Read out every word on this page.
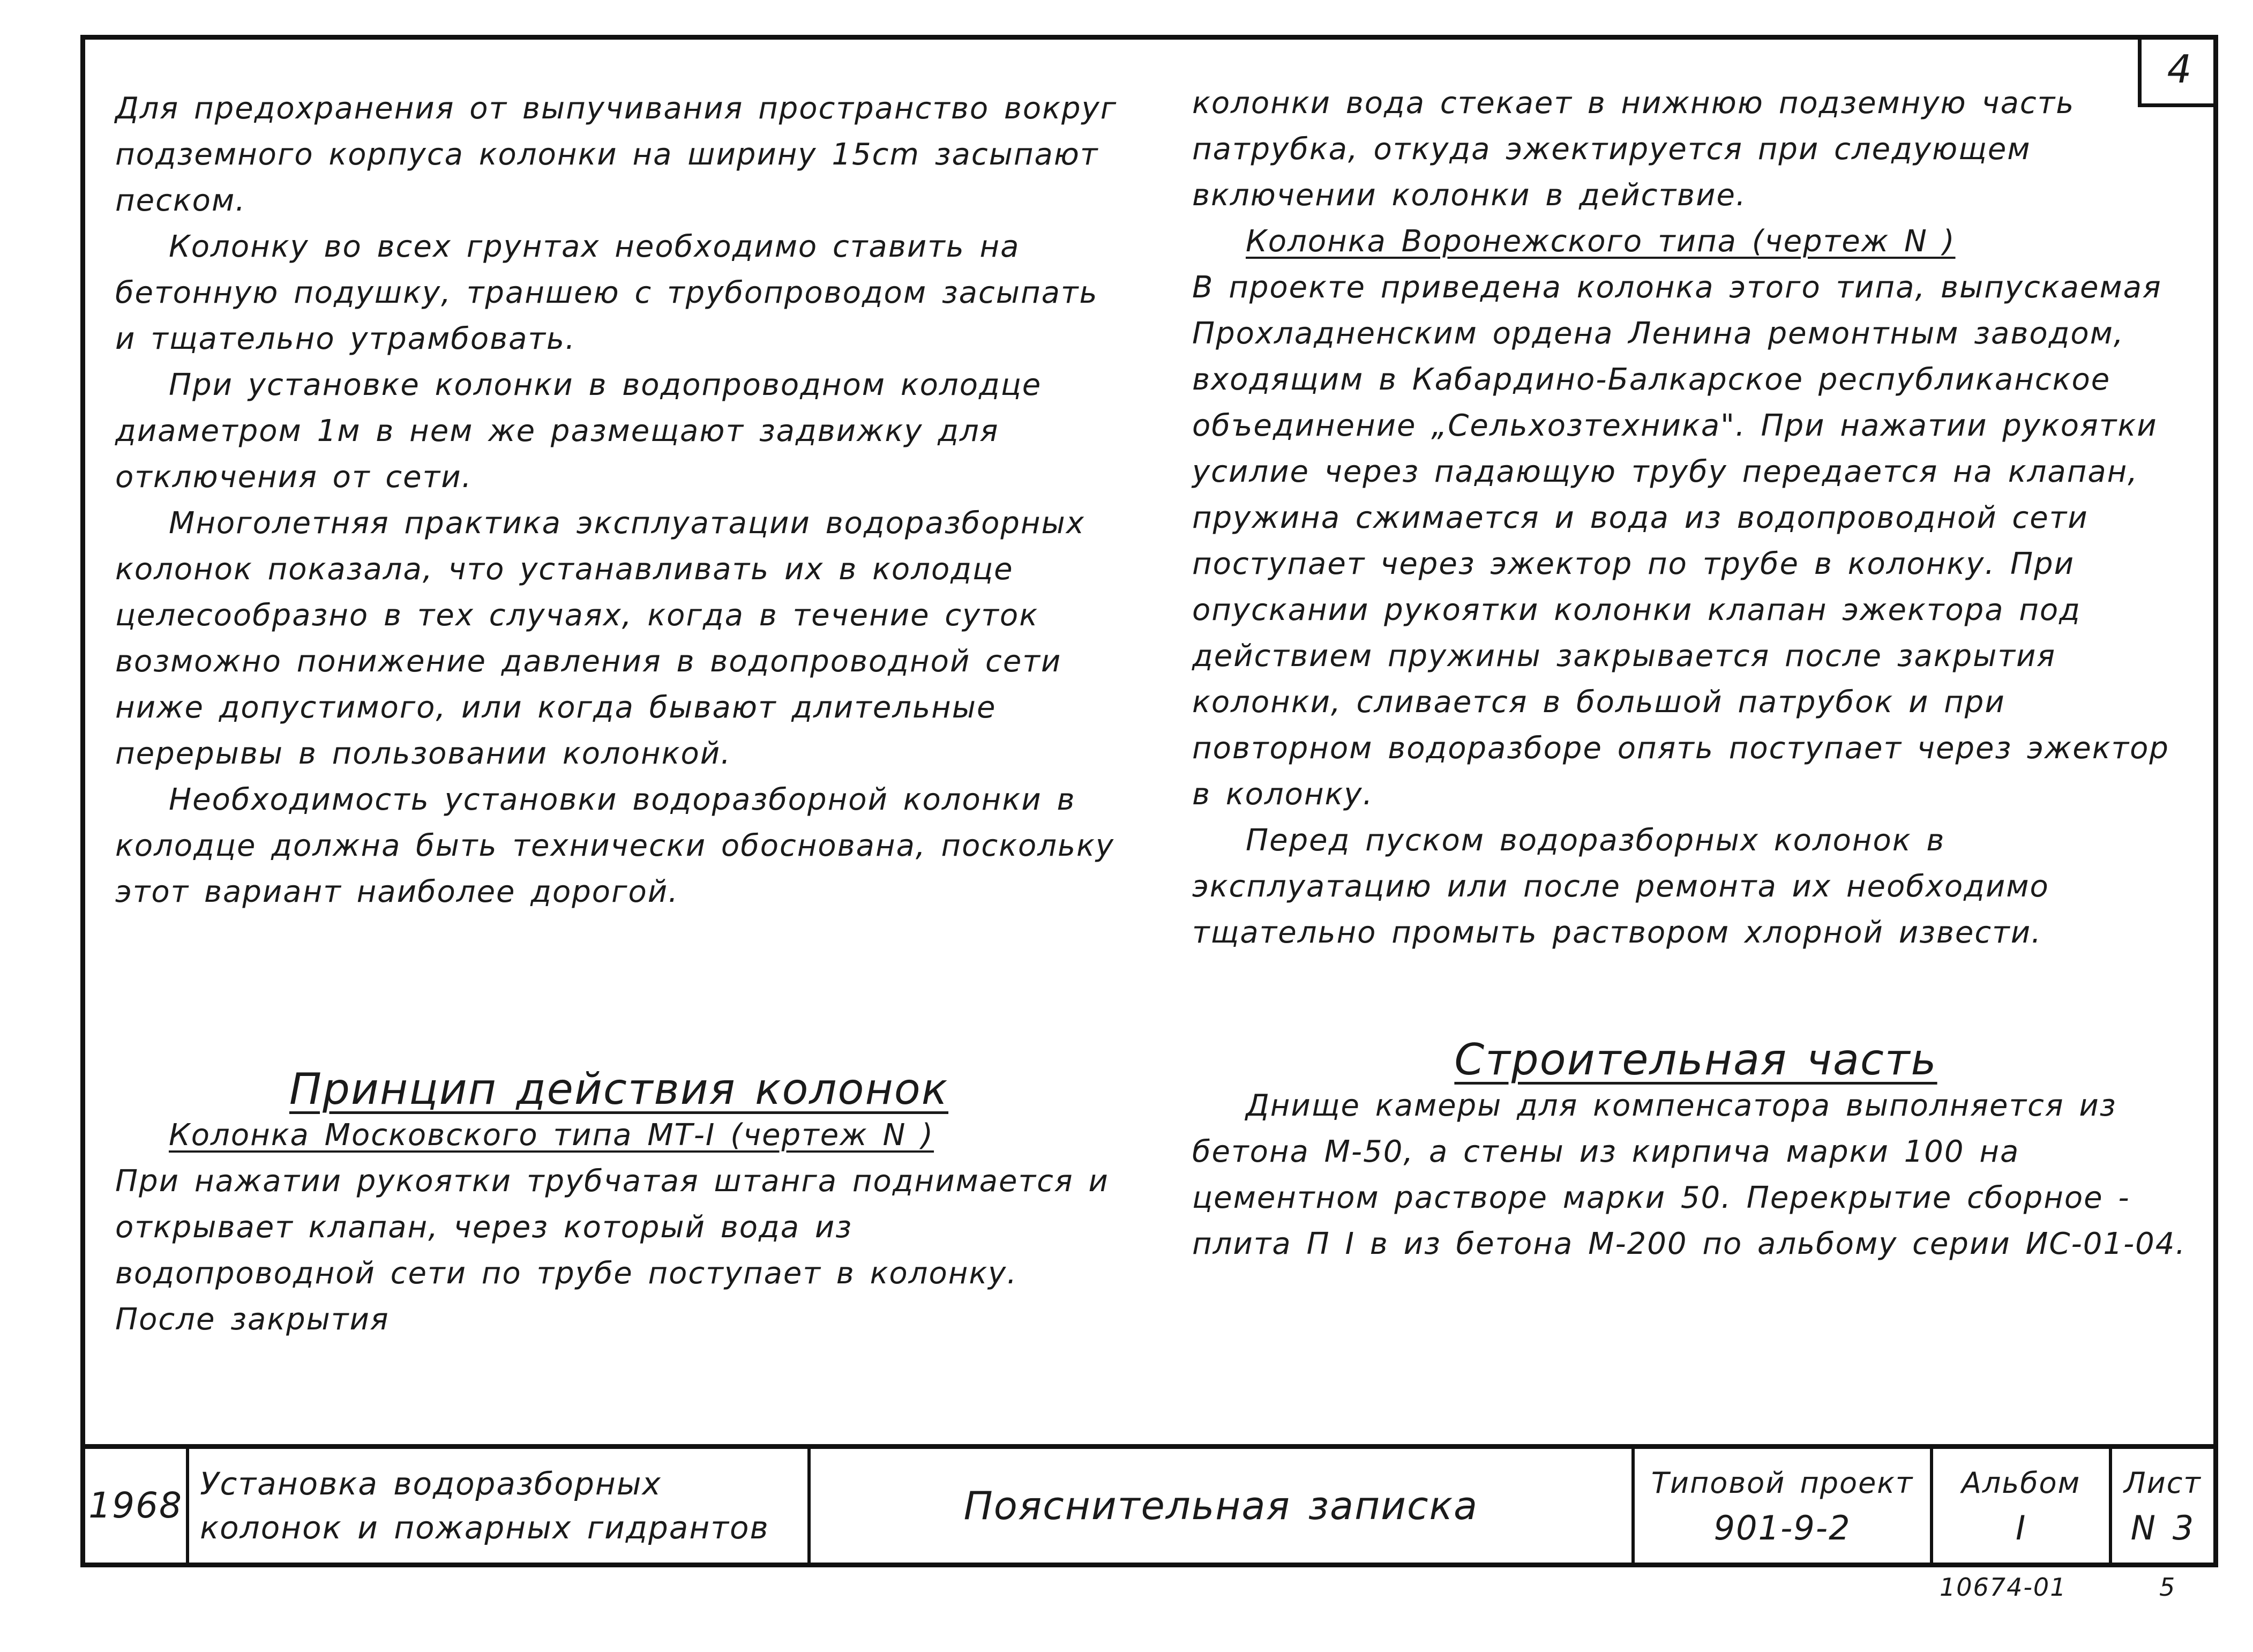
4

Для предохранения от выпучивания пространство вокруг подземного корпуса колонки на ширину 15cm засыпают песком.

Колонку во всех грунтах необходимо ставить на бетонную подушку, траншею с трубопроводом засыпать и тщательно утрамбовать.

При установке колонки в водопроводном колодце диаметром 1м в нем же размещают задвижку для отключения от сети.

Многолетняя практика эксплуатации водоразборных колонок показала, что устанавливать их в колодце целесообразно в тех случаях, когда в течение суток возможно понижение давления в водопроводной сети ниже допустимого, или когда бывают длительные перерывы в пользовании колонкой.

Необходимость установки водоразборной колонки в колодце должна быть технически обоснована, поскольку этот вариант наиболее дорогой.

Принцип действия колонок

Колонка Московского типа МТ-I (чертеж N )

При нажатии рукоятки трубчатая штанга поднимается и открывает клапан, через который вода из водопроводной сети по трубе поступает в колонку. После закрытия

колонки вода стекает в нижнюю подземную часть патрубка, откуда эжектируется при следующем включении колонки в действие.

Колонка Воронежского типа (чертеж N )

В проекте приведена колонка этого типа, выпускаемая Прохладненским ордена Ленина ремонтным заводом, входящим в Кабардино-Балкарское республиканское объединение „Сельхозтехника". При нажатии рукоятки усилие через падающую трубу передается на клапан, пружина сжимается и вода из водопроводной сети поступает через эжектор по трубе в колонку. При опускании рукоятки колонки клапан эжектора под действием пружины закрывается после закрытия колонки, сливается в большой патрубок и при повторном водоразборе опять поступает через эжектор в колонку.

Перед пуском водоразборных колонок в эксплуатацию или после ремонта их необходимо тщательно промыть раствором хлорной извести.

Строительная часть

Днище камеры для компенсатора выполняется из бетона М-50, а стены из кирпича марки 100 на цементном растворе марки 50. Перекрытие сборное - плита П I в из бетона М-200 по альбому серии ИС-01-04.

1968
Установка водоразборных
колонок и пожарных гидрантов	Пояснительная записка
Типовой проект
901-9-2
Альбом
I
Лист
N 3
10674-01	5
